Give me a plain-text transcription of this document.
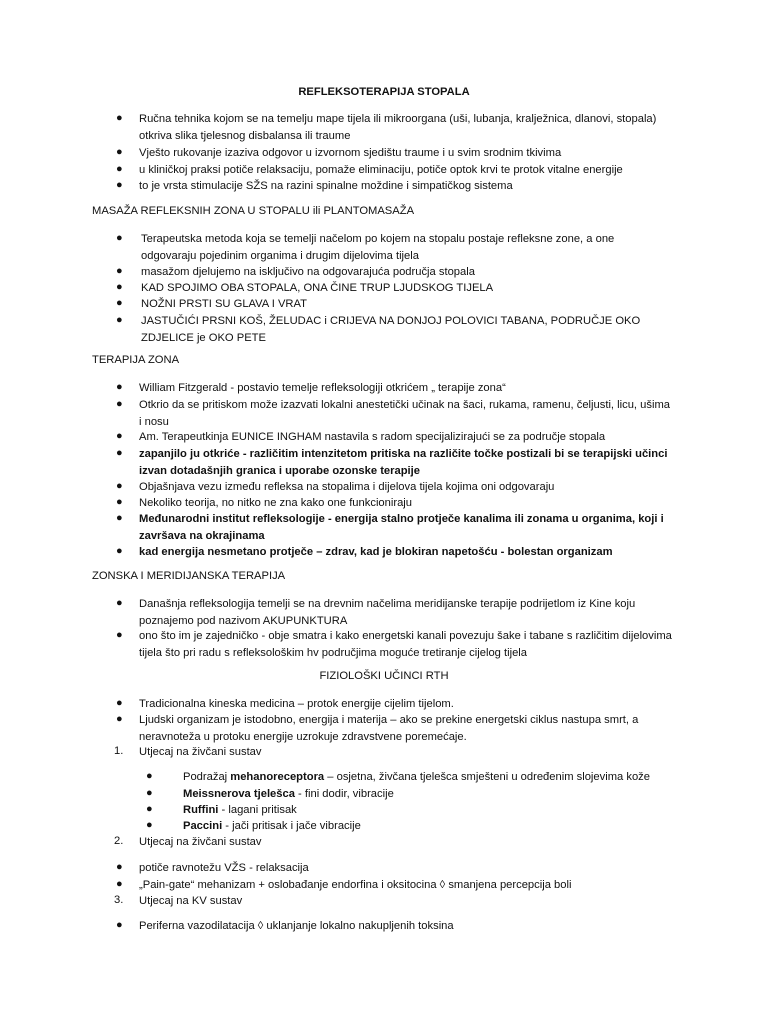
REFLEKSOTERAPIJA STOPALA
● Ručna tehnika kojom se na temelju mape tijela ili mikroorgana (uši, lubanja, kralježnica, dlanovi, stopala) otkriva slika tjelesnog disbalansa ili traume
● Vješto rukovanje izaziva odgovor u izvornom sjedištu traume i u svim srodnim tkivima
● u kliničkoj praksi potiče relaksaciju, pomaže eliminaciju, potiče optok krvi te protok vitalne energije
● to je vrsta stimulacije SŽS na razini spinalne moždine i simpatičkog sistema
MASAŽA REFLEKSNIH ZONA U STOPALU ili PLANTOMASAŽA
● Terapeutska metoda koja se temelji načelom po kojem na stopalu postaje refleksne zone, a one odgovaraju pojedinim organima i drugim dijelovima tijela
● masažom djelujemo na isključivo na odgovarajuća područja stopala
● KAD SPOJIMO OBA STOPALA, ONA ČINE TRUP LJUDSKOG TIJELA
● NOŽNI PRSTI SU GLAVA I VRAT
● JASTUČIĆI PRSNI KOŠ, ŽELUDAC i CRIJEVA NA DONJOJ POLOVICI TABANA, PODRUČJE OKO ZDJELICE je OKO PETE
TERAPIJA ZONA
● William Fitzgerald - postavio temelje refleksologiji otkrićem „ terapije zona“
● Otkrio da se pritiskom može izazvati lokalni anestetički učinak na šaci, rukama, ramenu, čeljusti, licu, ušima i nosu
● Am. Terapeutkinja EUNICE INGHAM nastavila s radom specijalizirajući se za područje stopala
● zapanjilo ju otkriće - različitim intenzitetom pritiska na različite točke postizali bi se terapijski učinci izvan dotadašnjih granica i uporabe ozonske terapije
● Objašnjava vezu između refleksa na stopalima i dijelova tijela kojima oni odgovaraju
● Nekoliko teorija, no nitko ne zna kako one funkcioniraju
● Međunarodni institut refleksologije - energija stalno protječe kanalima ili zonama u organima, koji i završava na okrajinama
● kad energija nesmetano protječe – zdrav, kad je blokiran napetošću - bolestan organizam
ZONSKA I MERIDIJANSKA TERAPIJA
● Današnja refleksologija temelji se na drevnim načelima meridijanske terapije podrijetlom iz Kine koju poznajemo pod nazivom AKUPUNKTURA
● ono što im je zajedničko - obje smatra i kako energetski kanali povezuju šake i tabane s različitim dijelovima tijela što pri radu s refleksološkim hv područjima moguće tretiranje cijelog tijela
FIZIOLOŠKI UČINCI RTH
● Tradicionalna kineska medicina – protok energije cijelim tijelom.
● Ljudski organizam je istodobno, energija i materija – ako se prekine energetski ciklus nastupa smrt, a neravnoteža u protoku energije uzrokuje zdravstvene poremećaje.
1. Utjecaj na živčani sustav
●	Podražaj mehanoreceptora – osjetna, živčana tjelešca smješteni u određenim slojevima kože
●	Meissnerova tjelešca - fini dodir, vibracije
●	Ruffini - lagani pritisak
●	Paccini - jači pritisak i jače vibracije
2. Utjecaj na živčani sustav
● potiče ravnotežu VŽS - relaksacija
● „Pain-gate“ mehanizam + oslobađanje endorfina i oksitocina ◊ smanjena percepcija boli
3. Utjecaj na KV sustav
● Periferna vazodilatacija ◊ uklanjanje lokalno nakupljenih toksina
